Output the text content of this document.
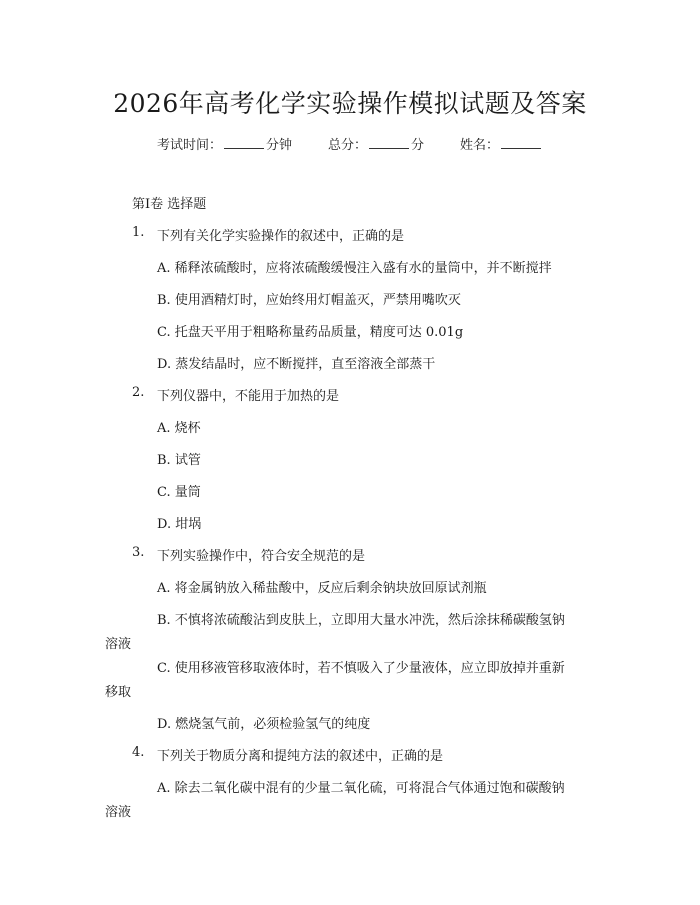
2026年高考化学实验操作模拟试题及答案
考试时间：	分钟	总分：	分	姓名：
第Ⅰ卷 选择题
1. 下列有关化学实验操作的叙述中，正确的是
A. 稀释浓硫酸时，应将浓硫酸缓慢注入盛有水的量筒中，并不断搅拌
B. 使用酒精灯时，应始终用灯帽盖灭，严禁用嘴吹灭
C. 托盘天平用于粗略称量药品质量，精度可达 0.01g
D. 蒸发结晶时，应不断搅拌，直至溶液全部蒸干
2. 下列仪器中，不能用于加热的是
A. 烧杯
B. 试管
C. 量筒
D. 坩埚
3. 下列实验操作中，符合安全规范的是
A. 将金属钠放入稀盐酸中，反应后剩余钠块放回原试剂瓶
B. 不慎将浓硫酸沾到皮肤上，立即用大量水冲洗，然后涂抹稀碳酸氢钠
溶液
C. 使用移液管移取液体时，若不慎吸入了少量液体，应立即放掉并重新
移取
D. 燃烧氢气前，必须检验氢气的纯度
4. 下列关于物质分离和提纯方法的叙述中，正确的是
A. 除去二氧化碳中混有的少量二氧化硫，可将混合气体通过饱和碳酸钠
溶液
